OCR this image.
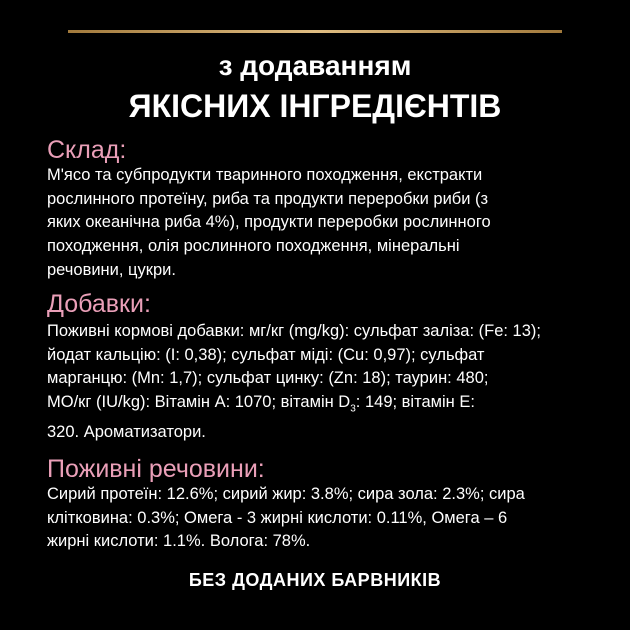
з додаванням
ЯКІСНИХ ІНГРЕДІЄНТІВ
Склад:
М'ясо та субпродукти тваринного походження, екстракти
рослинного протеїну, риба та продукти переробки риби (з
яких океанічна риба 4%), продукти переробки рослинного
походження, олія рослинного походження, мінеральні
речовини, цукри.
Добавки:
Поживні кормові добавки: мг/кг (mg/kg): сульфат заліза: (Fe: 13);
йодат кальцію: (I: 0,38); сульфат міді: (Cu: 0,97); сульфат
марганцю: (Mn: 1,7); сульфат цинку: (Zn: 18); таурин: 480;
МО/кг (IU/kg): Вітамін А: 1070; вітамін $D_3$: 149; вітамін Е:
320. Ароматизатори.
Поживні речовини:
Сирий протеїн: 12.6%; сирий жир: 3.8%; сира зола: 2.3%; сира
клітковина: 0.3%; Омега - 3 жирні кислоти: 0.11%, Омега – 6
жирні кислоти: 1.1%. Волога: 78%.
БЕЗ ДОДАНИХ БАРВНИКІВ
